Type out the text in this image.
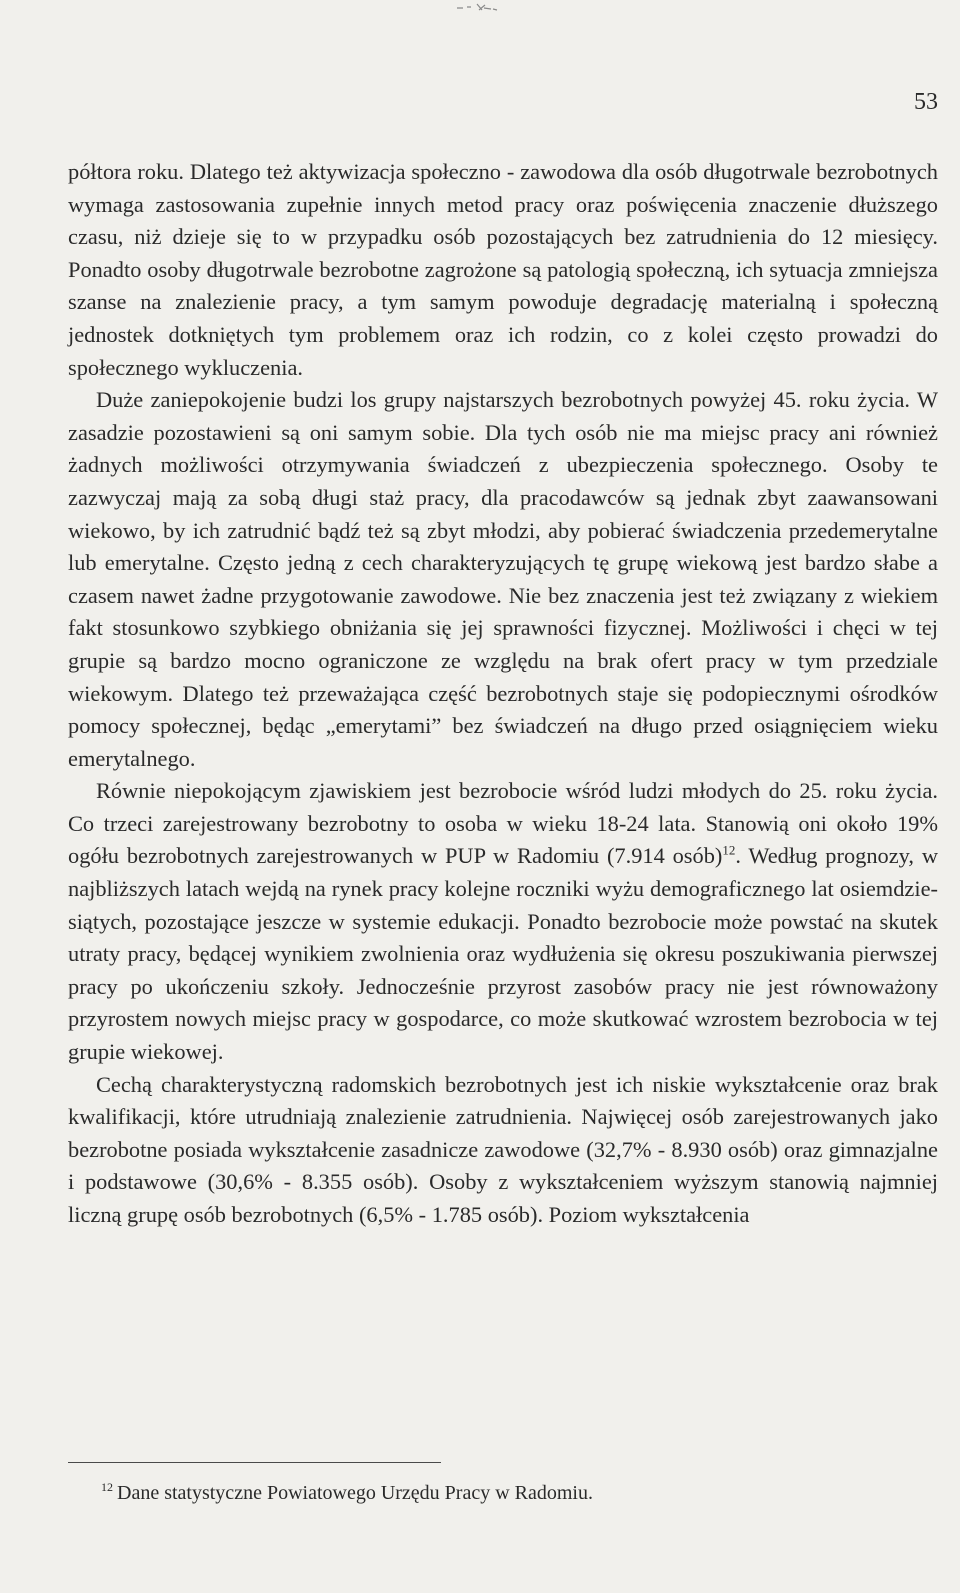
53

półtora roku. Dlatego też aktywizacja społeczno - zawodowa dla osób długotrwale bezrobotnych wymaga zastosowania zupełnie innych metod pracy oraz poświęcenia znaczenie dłuższego czasu, niż dzieje się to w przypadku osób pozostających bez zatrudnienia do 12 miesięcy. Ponadto osoby długotrwale bezrobotne zagrożone są patologią społeczną, ich sytuacja zmniejsza szanse na znalezienie pracy, a tym samym powoduje degradację materialną i społeczną jednostek dotkniętych tym problemem oraz ich rodzin, co z kolei często prowadzi do społecznego wykluczenia.

Duże zaniepokojenie budzi los grupy najstarszych bezrobotnych powyżej 45. roku życia. W zasadzie pozostawieni są oni samym sobie. Dla tych osób nie ma miejsc pracy ani również żadnych możliwości otrzymywania świadczeń z ubezpieczenia społecznego. Osoby te zazwyczaj mają za sobą długi staż pracy, dla pracodawców są jednak zbyt zaawansowani wiekowo, by ich zatrudnić bądź też są zbyt młodzi, aby pobierać świadczenia przedemerytalne lub emerytalne. Często jedną z cech charakteryzujących tę grupę wiekową jest bardzo słabe a czasem nawet żadne przygotowanie zawodowe. Nie bez znaczenia jest też związany z wiekiem fakt stosunkowo szybkiego obniżania się jej sprawności fizycznej. Możliwości i chęci w tej grupie są bardzo mocno ograniczone ze względu na brak ofert pracy w tym przedziale wiekowym. Dlatego też przeważająca część bezrobotnych staje się podopiecznymi ośrodków pomocy społecznej, będąc „emerytami” bez świadczeń na długo przed osiągnięciem wieku emerytalnego.

Równie niepokojącym zjawiskiem jest bezrobocie wśród ludzi młodych do 25. roku życia. Co trzeci zarejestrowany bezrobotny to osoba w wieku 18-24 lata. Stanowią oni około 19% ogółu bezrobotnych zarejestrowanych w PUP w Radomiu (7.914 osób)$^{12}$. Według prognozy, w najbliższych latach wejdą na rynek pracy kolejne roczniki wyżu demograficznego lat osiemdziesiątych, pozostające jeszcze w systemie edukacji. Ponadto bezrobocie może powstać na skutek utraty pracy, będącej wynikiem zwolnienia oraz wydłużenia się okresu poszukiwania pierwszej pracy po ukończeniu szkoły. Jednocześnie przyrost zasobów pracy nie jest równoważony przyrostem nowych miejsc pracy w gospodarce, co może skutkować wzrostem bezrobocia w tej grupie wiekowej.

Cechą charakterystyczną radomskich bezrobotnych jest ich niskie wykształcenie oraz brak kwalifikacji, które utrudniają znalezienie zatrudnienia. Najwięcej osób zarejestrowanych jako bezrobotne posiada wykształcenie zasadnicze zawodowe (32,7% - 8.930 osób) oraz gimnazjalne i podstawowe (30,6% - 8.355 osób). Osoby z wykształceniem wyższym stanowią najmniej liczną grupę osób bezrobotnych (6,5% - 1.785 osób). Poziom wykształcenia

$^{12}$ Dane statystyczne Powiatowego Urzędu Pracy w Radomiu.
